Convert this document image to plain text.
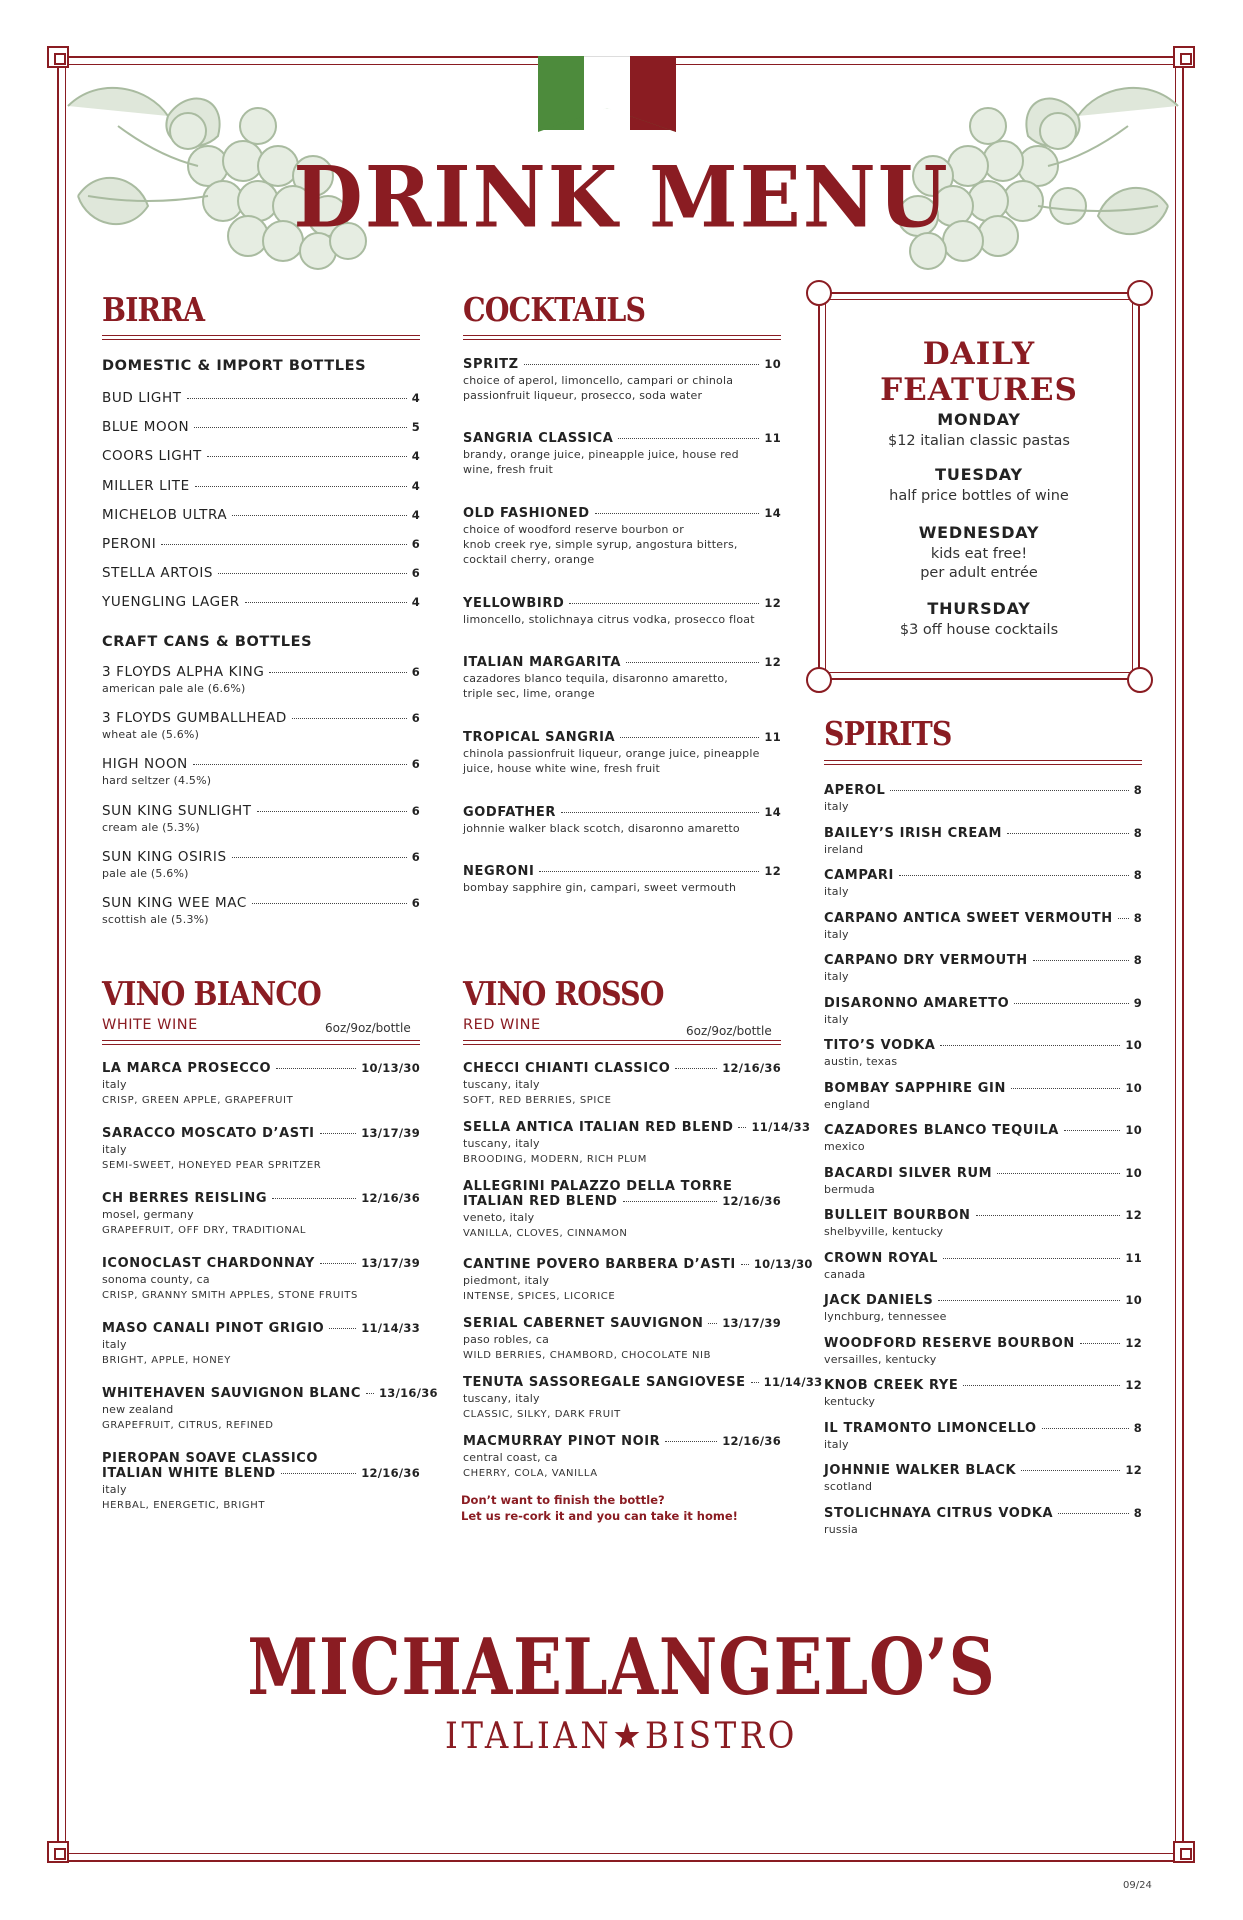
DRINK MENU
BIRRA	COCKTAILS
SPIRITS
VINO BIANCO
WHITE WINE	6oz/9oz/bottle
VINO ROSSO
RED WINE	6oz/9oz/bottle
DOMESTIC & IMPORT BOTTLES
BUD LIGHT	4
BLUE MOON	5
COORS LIGHT	4
MILLER LITE	4
MICHELOB ULTRA	4
PERONI	6
STELLA ARTOIS	6
YUENGLING LAGER	4
CRAFT CANS & BOTTLES
3 FLOYDS ALPHA KING	6
american pale ale (6.6%)
3 FLOYDS GUMBALLHEAD	6
wheat ale (5.6%)
HIGH NOON	6
hard seltzer (4.5%)
SUN KING SUNLIGHT	6
cream ale (5.3%)
SUN KING OSIRIS	6
pale ale (5.6%)
SUN KING WEE MAC	6
scottish ale (5.3%)
SPRITZ	10
choice of aperol, limoncello, campari or chinola
passionfruit liqueur, prosecco, soda water
SANGRIA CLASSICA	11
brandy, orange juice, pineapple juice, house red
wine, fresh fruit
OLD FASHIONED	14
choice of woodford reserve bourbon or
knob creek rye, simple syrup, angostura bitters,
cocktail cherry, orange
YELLOWBIRD	12
limoncello, stolichnaya citrus vodka, prosecco float
ITALIAN MARGARITA	12
cazadores blanco tequila, disaronno amaretto,
triple sec, lime, orange
TROPICAL SANGRIA	11
chinola passionfruit liqueur, orange juice, pineapple
juice, house white wine, fresh fruit
GODFATHER	14
johnnie walker black scotch, disaronno amaretto
NEGRONI	12
bombay sapphire gin, campari, sweet vermouth
DAILY FEATURES
MONDAY
$12 italian classic pastas
TUESDAY
half price bottles of wine
WEDNESDAY
kids eat free!
per adult entrée
THURSDAY
$3 off house cocktails
APEROL	8
italy
BAILEY’S IRISH CREAM	8
ireland
CAMPARI	8
italy
CARPANO ANTICA SWEET VERMOUTH 8
italy
CARPANO DRY VERMOUTH	8
italy
DISARONNO AMARETTO	9
italy
TITO’S VODKA	10
austin, texas
BOMBAY SAPPHIRE GIN	10
england
CAZADORES BLANCO TEQUILA	10
mexico
BACARDI SILVER RUM	10
bermuda
BULLEIT BOURBON	12
shelbyville, kentucky
CROWN ROYAL	11
canada
JACK DANIELS	10
lynchburg, tennessee
WOODFORD RESERVE BOURBON	12
versailles, kentucky
KNOB CREEK RYE	12
kentucky
IL TRAMONTO LIMONCELLO	8
italy
JOHNNIE WALKER BLACK	12
scotland
STOLICHNAYA CITRUS VODKA	8
russia
LA MARCA PROSECCO	10/13/30
italy
CRISP, GREEN APPLE, GRAPEFRUIT
SARACCO MOSCATO D’ASTI	13/17/39
italy
SEMI-SWEET, HONEYED PEAR SPRITZER
CH BERRES REISLING	12/16/36
mosel, germany
GRAPEFRUIT, OFF DRY, TRADITIONAL
ICONOCLAST CHARDONNAY	13/17/39
sonoma county, ca
CRISP, GRANNY SMITH APPLES, STONE FRUITS
MASO CANALI PINOT GRIGIO	11/14/33
italy
BRIGHT, APPLE, HONEY
WHITEHAVEN SAUVIGNON BLANC 13/16/36
new zealand
GRAPEFRUIT, CITRUS, REFINED
PIEROPAN SOAVE CLASSICO
ITALIAN WHITE BLEND	12/16/36
italy
HERBAL, ENERGETIC, BRIGHT
CHECCI CHIANTI CLASSICO	12/16/36
tuscany, italy
SOFT, RED BERRIES, SPICE
SELLA ANTICA ITALIAN RED BLEND 11/14/33
tuscany, italy
BROODING, MODERN, RICH PLUM
ALLEGRINI PALAZZO DELLA TORRE
ITALIAN RED BLEND	12/16/36
veneto, italy
VANILLA, CLOVES, CINNAMON
CANTINE POVERO BARBERA D’ASTI 10/13/30
piedmont, italy
INTENSE, SPICES, LICORICE
SERIAL CABERNET SAUVIGNON 13/17/39
paso robles, ca
WILD BERRIES, CHAMBORD, CHOCOLATE NIB
TENUTA SASSOREGALE SANGIOVESE 11/14/33
tuscany, italy
CLASSIC, SILKY, DARK FRUIT
MACMURRAY PINOT NOIR	12/16/36
central coast, ca
CHERRY, COLA, VANILLA
Don’t want to finish the bottle?
Let us re-cork it and you can take it home!
MICHAELANGELO’S
ITALIAN★BISTRO
09/24
